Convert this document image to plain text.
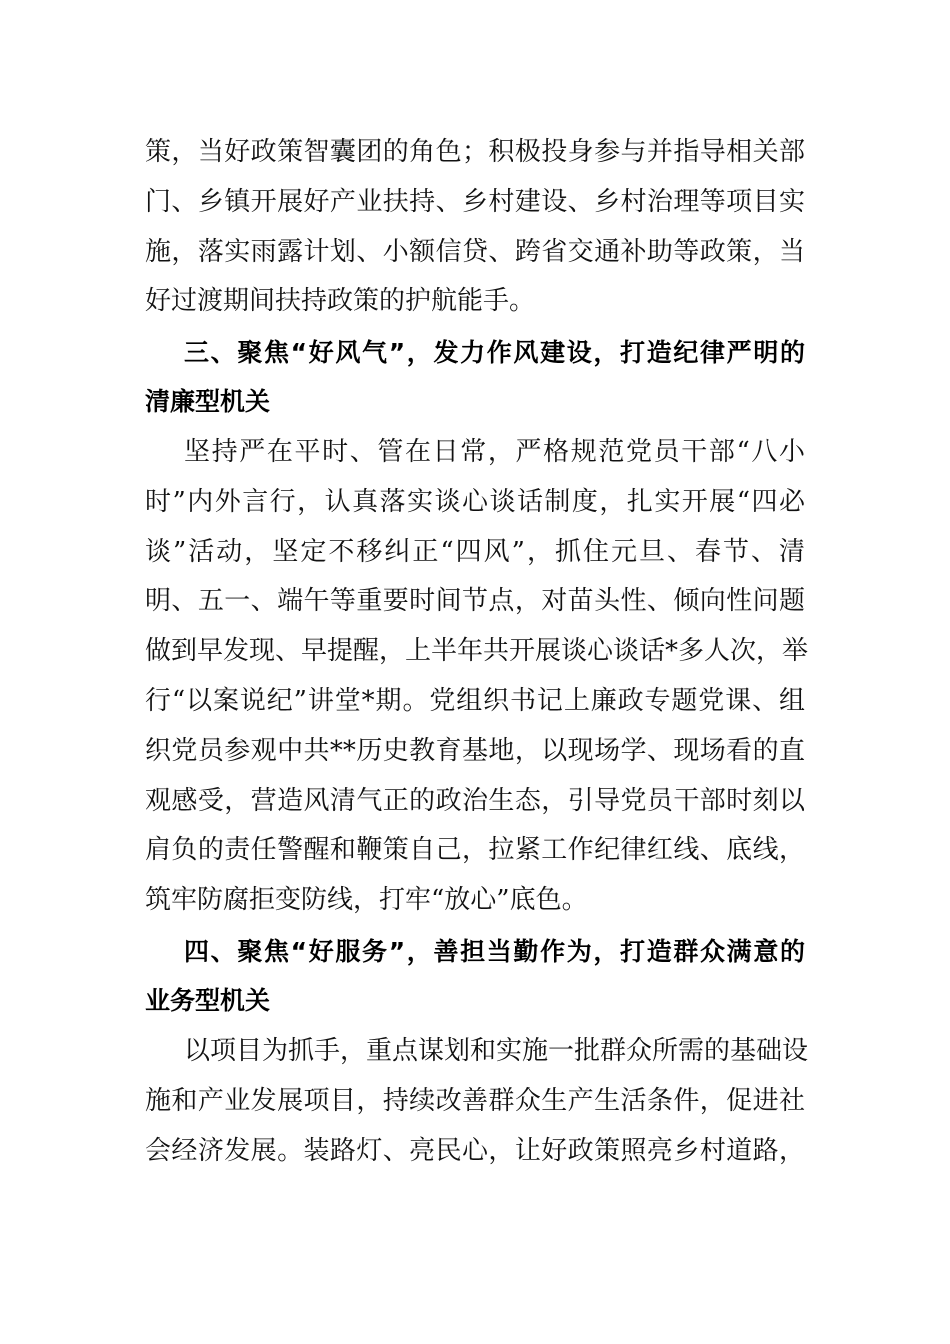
策，当好政策智囊团的角色；积极投身参与并指导相关部
门、乡镇开展好产业扶持、乡村建设、乡村治理等项目实
施，落实雨露计划、小额信贷、跨省交通补助等政策，当
好过渡期间扶持政策的护航能手。
三、聚焦“好风气”，发力作风建设，打造纪律严明的
清廉型机关
坚持严在平时、管在日常，严格规范党员干部“八小
时”内外言行，认真落实谈心谈话制度，扎实开展“四必
谈”活动，坚定不移纠正“四风”，抓住元旦、春节、清
明、五一、端午等重要时间节点，对苗头性、倾向性问题
做到早发现、早提醒，上半年共开展谈心谈话*多人次，举
行“以案说纪”讲堂*期。党组织书记上廉政专题党课、组
织党员参观中共**历史教育基地，以现场学、现场看的直
观感受，营造风清气正的政治生态，引导党员干部时刻以
肩负的责任警醒和鞭策自己，拉紧工作纪律红线、底线，
筑牢防腐拒变防线，打牢“放心”底色。
四、聚焦“好服务”，善担当勤作为，打造群众满意的
业务型机关
以项目为抓手，重点谋划和实施一批群众所需的基础设
施和产业发展项目，持续改善群众生产生活条件，促进社
会经济发展。装路灯、亮民心，让好政策照亮乡村道路，
